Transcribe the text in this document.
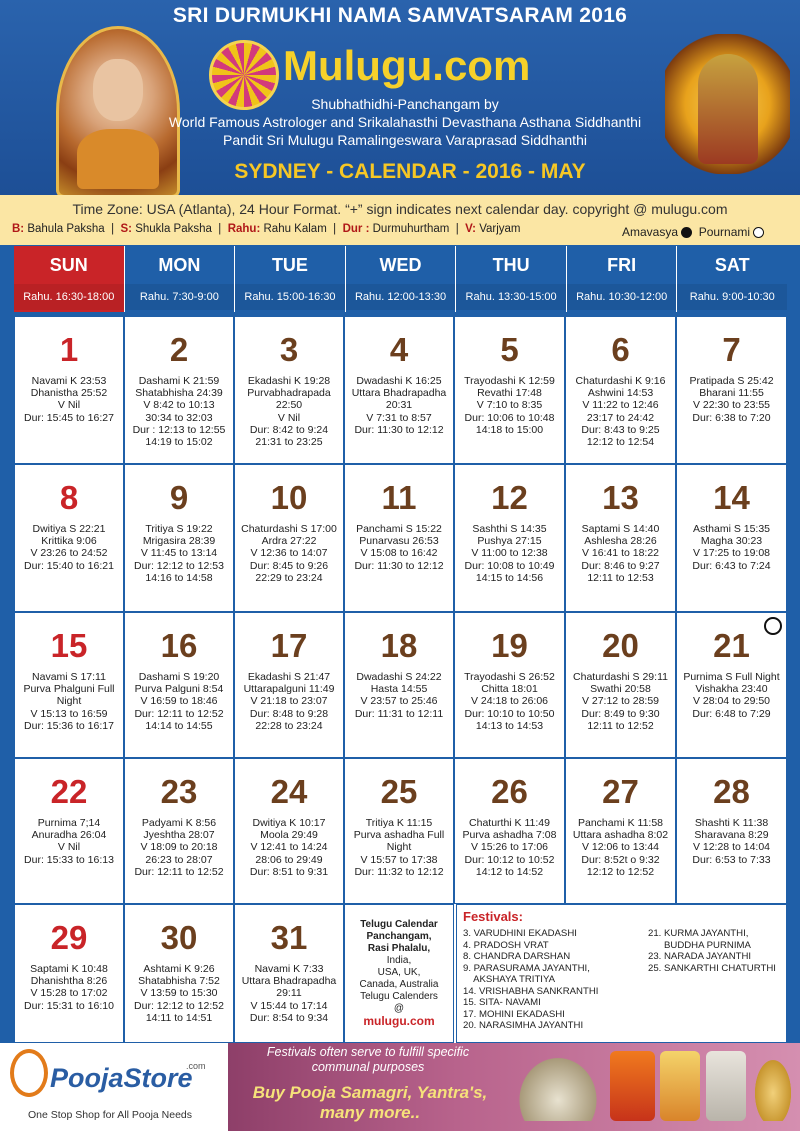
SRI DURMUKHI NAMA SAMVATSARAM 2016
Mulugu.com
Shubhathidhi-Panchangam by
World Famous Astrologer and Srikalahasthi Devasthana Asthana Siddhanthi
Pandit Sri Mulugu Ramalingeswara Varaprasad Siddhanthi
SYDNEY - CALENDAR - 2016 - MAY
Time Zone: USA (Atlanta), 24 Hour Format. “+” sign indicates next calendar day. copyright @ mulugu.com
B: Bahula Paksha  |  S: Shukla Paksha  |  Rahu: Rahu Kalam  |  Dur : Durmuhurtham  |  V: Varjyam	Amavasya Pournami
SUN
Rahu. 16:30-18:00
MON
Rahu. 7:30-9:00
TUE
Rahu. 15:00-16:30
WED
Rahu. 12:00-13:30
THU
Rahu. 13:30-15:00
FRI
Rahu. 10:30-12:00
SAT
Rahu. 9:00-10:30
Festivals:
3. VARUDHINI EKADASHI
4. PRADOSH VRAT
8. CHANDRA DARSHAN
9. PARASURAMA JAYANTHI,
AKSHAYA TRITIYA
14. VRISHABHA SANKRANTHI
15. SITA- NAVAMI
17. MOHINI EKADASHI
20. NARASIMHA JAYANTHI
21. KURMA JAYANTHI,
BUDDHA PURNIMA
23. NARADA JAYANTHI
25. SANKARTHI CHATURTHI
1
Navami K 23:53
Dhanistha 25:52
V Nil
Dur: 15:45 to 16:27
2
Dashami K 21:59
Shatabhisha 24:39
V 8:42 to 10:13
30:34 to 32:03
Dur : 12:13 to 12:55
14:19 to 15:02
3
Ekadashi K 19:28
Purvabhadrapada
22:50
V Nil
Dur: 8:42 to 9:24
21:31 to 23:25
4
Dwadashi K 16:25
Uttara Bhadrapadha
20:31
V 7:31 to 8:57
Dur: 11:30 to 12:12
5
Trayodashi K 12:59
Revathi 17:48
V 7:10 to 8:35
Dur: 10:06 to 10:48
14:18 to 15:00
6
Chaturdashi K 9:16
Ashwini 14:53
V 11:22 to 12:46
23:17 to 24:42
Dur: 8:43 to 9:25
12:12 to 12:54
7
Pratipada S 25:42
Bharani 11:55
V 22:30 to 23:55
Dur: 6:38 to 7:20
8
Dwitiya S 22:21
Krittika 9:06
V 23:26 to 24:52
Dur: 15:40 to 16:21
9
Tritiya S 19:22
Mrigasira 28:39
V 11:45 to 13:14
Dur: 12:12 to 12:53
14:16 to 14:58
10
Chaturdashi S 17:00
Ardra 27:22
V 12:36 to 14:07
Dur: 8:45 to 9:26
22:29 to 23:24
11
Panchami S 15:22
Punarvasu 26:53
V 15:08 to 16:42
Dur: 11:30 to 12:12
12
Sashthi S 14:35
Pushya 27:15
V 11:00 to 12:38
Dur: 10:08 to 10:49
14:15 to 14:56
13
Saptami S 14:40
Ashlesha 28:26
V 16:41 to 18:22
Dur: 8:46 to 9:27
12:11 to 12:53
14
Asthami S 15:35
Magha 30:23
V 17:25 to 19:08
Dur: 6:43 to 7:24
15
Navami S 17:11
Purva Phalguni Full
Night
V 15:13 to 16:59
Dur: 15:36 to 16:17
16
Dashami S 19:20
Purva Palguni 8:54
V 16:59 to 18:46
Dur: 12:11 to 12:52
14:14 to 14:55
17
Ekadashi S 21:47
Uttarapalguni 11:49
V 21:18 to 23:07
Dur: 8:48 to 9:28
22:28 to 23:24
18
Dwadashi S 24:22
Hasta 14:55
V 23:57 to 25:46
Dur: 11:31 to 12:11
19
Trayodashi S 26:52
Chitta 18:01
V 24:18 to 26:06
Dur: 10:10 to 10:50
14:13 to 14:53
20
Chaturdashi S 29:11
Swathi 20:58
V 27:12 to 28:59
Dur: 8:49 to 9:30
12:11 to 12:52
21
Purnima S Full Night
Vishakha 23:40
V 28:04 to 29:50
Dur: 6:48 to 7:29
22
Purnima 7;14
Anuradha 26:04
V Nil
Dur: 15:33 to 16:13
23
Padyami K 8:56
Jyeshtha 28:07
V 18:09 to 20:18
26:23 to 28:07
Dur: 12:11 to 12:52
24
Dwitiya K 10:17
Moola 29:49
V 12:41 to 14:24
28:06 to 29:49
Dur: 8:51 to 9:31
25
Tritiya K 11:15
Purva ashadha Full
Night
V 15:57 to 17:38
Dur: 11:32 to 12:12
26
Chaturthi K 11:49
Purva ashadha 7:08
V 15:26 to 17:06
Dur: 10:12 to 10:52
14:12 to 14:52
27
Panchami K 11:58
Uttara ashadha 8:02
V 12:06 to 13:44
Dur: 8:52t o 9:32
12:12 to 12:52
28
Shashti K 11:38
Sharavana 8:29
V 12:28 to 14:04
Dur: 6:53 to 7:33
29
Saptami K 10:48
Dhanishtha 8:26
V 15:28 to 17:02
Dur: 15:31 to 16:10
30
Ashtami K 9:26
Shatabhisha 7:52
V 13:59 to 15:30
Dur: 12:12 to 12:52
14:11 to 14:51
31
Navami K 7:33
Uttara Bhadrapadha
29:11
V 15:44 to 17:14
Dur: 8:54 to 9:34
Telugu Calendar
Panchangam,
Rasi Phalalu,
India,
USA, UK,
Canada, Australia
Telugu Calenders
@
mulugu.com
PoojaStore
.com
One Stop Shop for All Pooja Needs
Festivals often serve to fulfill specific communal purposes
Buy Pooja Samagri, Yantra's, many more..
